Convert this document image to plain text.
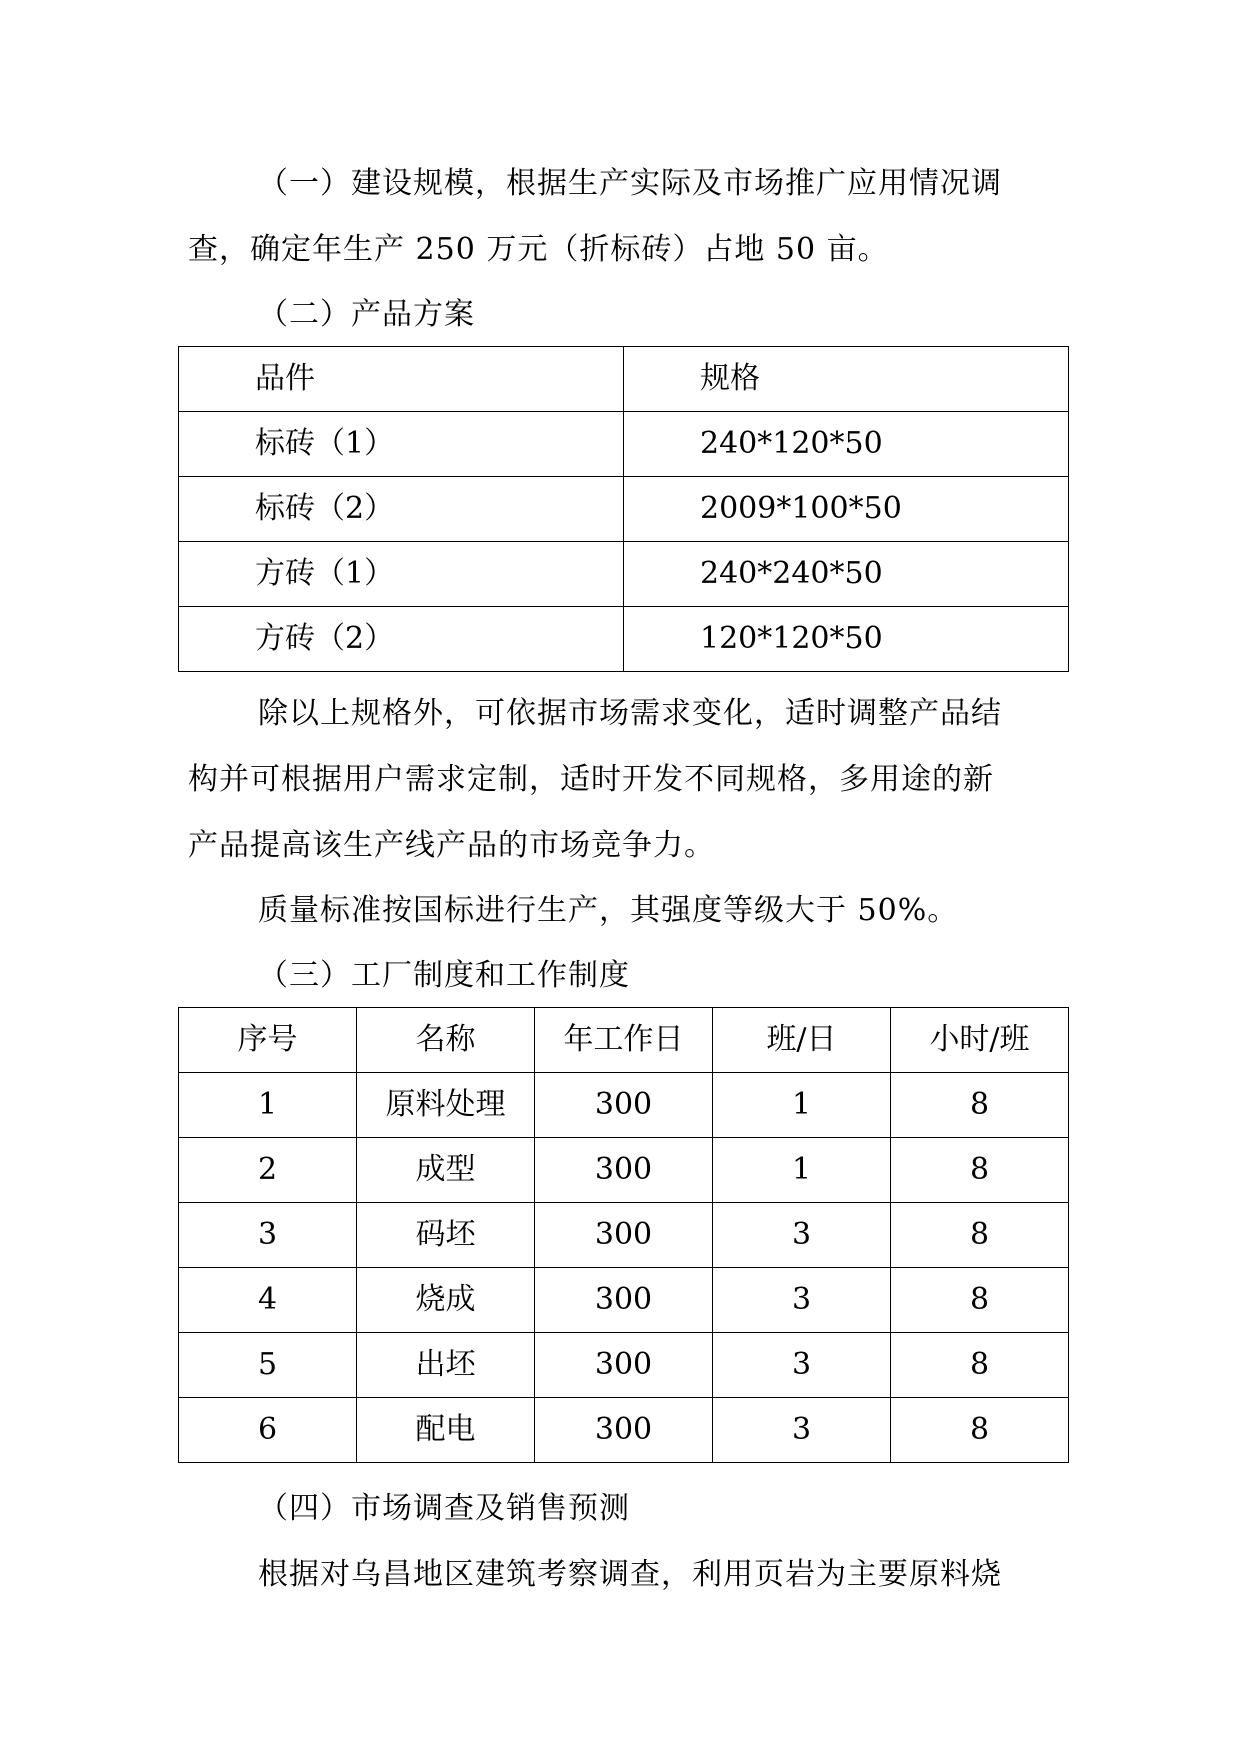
（一）建设规模，根据生产实际及市场推广应用情况调
查，确定年生产 250 万元（折标砖）占地 50 亩。
（二）产品方案
品件	规格
标砖（1）	240*120*50
标砖（2）	2009*100*50
方砖（1）	240*240*50
方砖（2）	120*120*50
除以上规格外，可依据市场需求变化，适时调整产品结
构并可根据用户需求定制，适时开发不同规格，多用途的新
产品提高该生产线产品的市场竞争力。
质量标准按国标进行生产，其强度等级大于 50%。
（三）工厂制度和工作制度
序号	名称	年工作日	班/日	小时/班
1	原料处理	300	1	8
2	成型	300	1	8
3	码坯	300	3	8
4	烧成	300	3	8
5	出坯	300	3	8
6	配电	300	3	8
（四）市场调查及销售预测
根据对乌昌地区建筑考察调查，利用页岩为主要原料烧
